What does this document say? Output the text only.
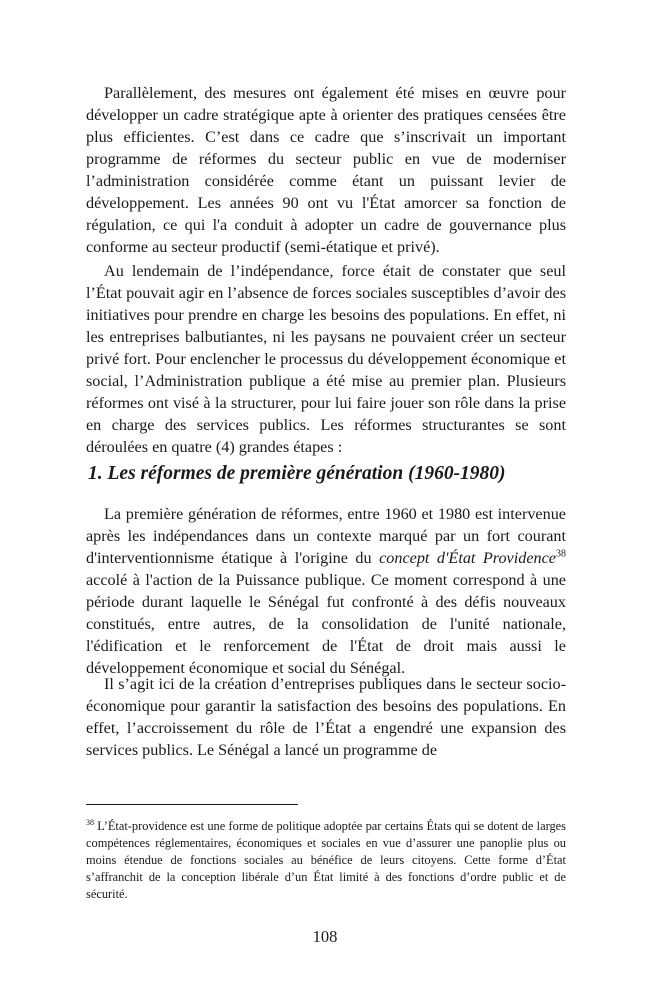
Parallèlement, des mesures ont également été mises en œuvre pour développer un cadre stratégique apte à orienter des pratiques censées être plus efficientes. C’est dans ce cadre que s’inscrivait un important programme de réformes du secteur public en vue de moderniser l’administration considérée comme étant un puissant levier de développement. Les années 90 ont vu l'État amorcer sa fonction de régulation, ce qui l'a conduit à adopter un cadre de gouvernance plus conforme au secteur productif (semi-étatique et privé).

Au lendemain de l’indépendance, force était de constater que seul l’État pouvait agir en l’absence de forces sociales susceptibles d’avoir des initiatives pour prendre en charge les besoins des populations. En effet, ni les entreprises balbutiantes, ni les paysans ne pouvaient créer un secteur privé fort. Pour enclencher le processus du développement économique et social, l’Administration publique a été mise au premier plan. Plusieurs réformes ont visé à la structurer, pour lui faire jouer son rôle dans la prise en charge des services publics. Les réformes structurantes se sont déroulées en quatre (4) grandes étapes :

1. Les réformes de première génération (1960-1980)

La première génération de réformes, entre 1960 et 1980 est intervenue après les indépendances dans un contexte marqué par un fort courant d'interventionnisme étatique à l'origine du concept d'État Providence$^{38}$ accolé à l'action de la Puissance publique. Ce moment correspond à une période durant laquelle le Sénégal fut confronté à des défis nouveaux constitués, entre autres, de la consolidation de l'unité nationale, l'édification et le renforcement de l'État de droit mais aussi le développement économique et social du Sénégal.

Il s’agit ici de la création d’entreprises publiques dans le secteur socio-économique pour garantir la satisfaction des besoins des populations. En effet, l’accroissement du rôle de l’État a engendré une expansion des services publics. Le Sénégal a lancé un programme de

$^{38}$ L’État-providence est une forme de politique adoptée par certains États qui se dotent de larges compétences réglementaires, économiques et sociales en vue d’assurer une panoplie plus ou moins étendue de fonctions sociales au bénéfice de leurs citoyens. Cette forme d’État s’affranchit de la conception libérale d’un État limité à des fonctions d’ordre public et de sécurité.

108
